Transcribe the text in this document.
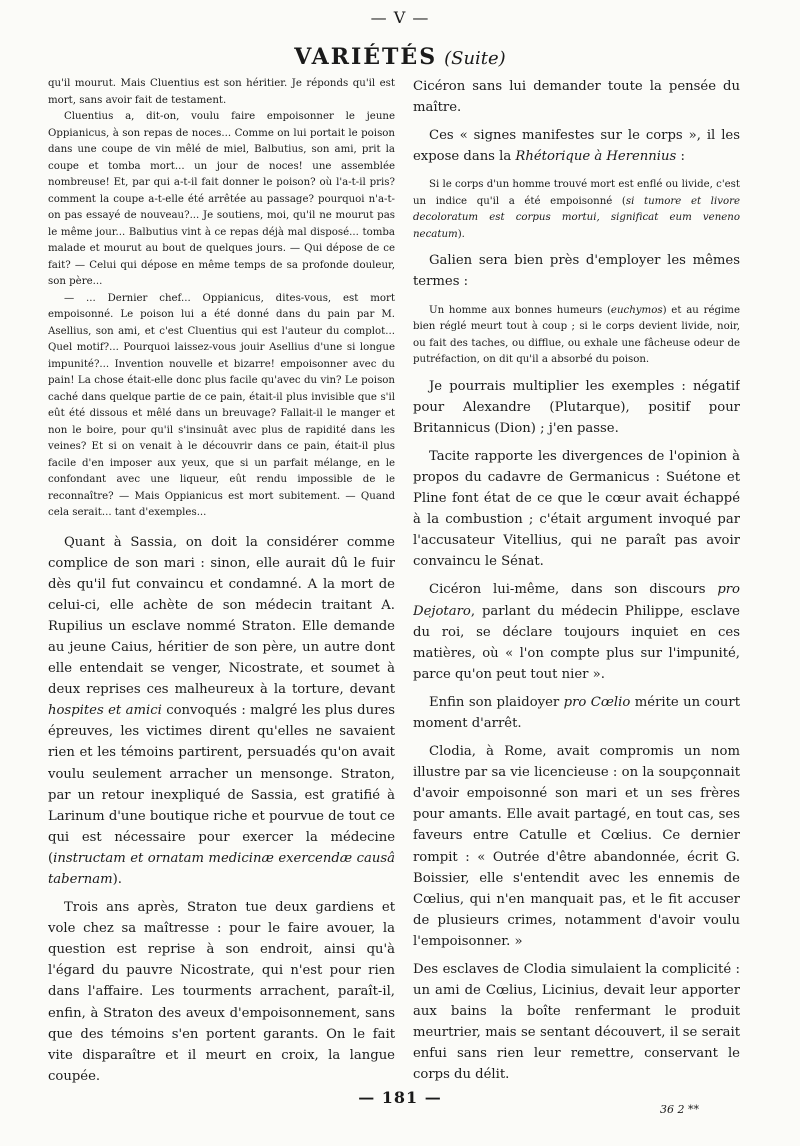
— V —
VARIÉTÉS (Suite)

qu'il mourut. Mais Cluentius est son héritier. Je réponds qu'il est mort, sans avoir fait de testament.

Cluentius a, dit-on, voulu faire empoisonner le jeune Oppianicus, à son repas de noces... Comme on lui portait le poison dans une coupe de vin mêlé de miel, Balbutius, son ami, prit la coupe et tomba mort... un jour de noces! une assemblée nombreuse! Et, par qui a-t-il fait donner le poison? où l'a-t-il pris? comment la coupe a-t-elle été arrêtée au passage? pourquoi n'a-t-on pas essayé de nouveau?... Je soutiens, moi, qu'il ne mourut pas le même jour... Balbutius vint à ce repas déjà mal disposé... tomba malade et mourut au bout de quelques jours. — Qui dépose de ce fait? — Celui qui dépose en même temps de sa profonde douleur, son père...

— ... Dernier chef... Oppianicus, dites-vous, est mort empoisonné. Le poison lui a été donné dans du pain par M. Asellius, son ami, et c'est Cluentius qui est l'auteur du complot... Quel motif?... Pourquoi laissez-vous jouir Asellius d'une si longue impunité?... Invention nouvelle et bizarre! empoisonner avec du pain! La chose était-elle donc plus facile qu'avec du vin? Le poison caché dans quelque partie de ce pain, était-il plus invisible que s'il eût été dissous et mêlé dans un breuvage? Fallait-il le manger et non le boire, pour qu'il s'insinuât avec plus de rapidité dans les veines? Et si on venait à le découvrir dans ce pain, était-il plus facile d'en imposer aux yeux, que si un parfait mélange, en le confondant avec une liqueur, eût rendu impossible de le reconnaître? — Mais Oppianicus est mort subitement. — Quand cela serait... tant d'exemples...

Quant à Sassia, on doit la considérer comme complice de son mari : sinon, elle aurait dû le fuir dès qu'il fut convaincu et condamné. A la mort de celui-ci, elle achète de son médecin traitant A. Rupilius un esclave nommé Straton. Elle demande au jeune Caius, héritier de son père, un autre dont elle entendait se venger, Nicostrate, et soumet à deux reprises ces malheureux à la torture, devant hospites et amici convoqués : malgré les plus dures épreuves, les victimes dirent qu'elles ne savaient rien et les témoins partirent, persuadés qu'on avait voulu seulement arracher un mensonge. Straton, par un retour inexpliqué de Sassia, est gratifié à Larinum d'une boutique riche et pourvue de tout ce qui est nécessaire pour exercer la médecine (instructam et ornatam medicinæ exercendæ causâ tabernam).

Trois ans après, Straton tue deux gardiens et vole chez sa maîtresse : pour le faire avouer, la question est reprise à son endroit, ainsi qu'à l'égard du pauvre Nicostrate, qui n'est pour rien dans l'affaire. Les tourments arrachent, paraît-il, enfin, à Straton des aveux d'empoisonnement, sans que des témoins s'en portent garants. On le fait vite disparaître et il meurt en croix, la langue coupée.

Cicéron sans lui demander toute la pensée du maître.

Ces « signes manifestes sur le corps », il les expose dans la Rhétorique à Herennius :

Si le corps d'un homme trouvé mort est enflé ou livide, c'est un indice qu'il a été empoisonné (si tumore et livore decoloratum est corpus mortui, significat eum veneno necatum).

Galien sera bien près d'employer les mêmes termes :

Un homme aux bonnes humeurs (euchymos) et au régime bien réglé meurt tout à coup ; si le corps devient livide, noir, ou fait des taches, ou difflue, ou exhale une fâcheuse odeur de putréfaction, on dit qu'il a absorbé du poison.

Je pourrais multiplier les exemples : négatif pour Alexandre (Plutarque), positif pour Britannicus (Dion) ; j'en passe.

Tacite rapporte les divergences de l'opinion à propos du cadavre de Germanicus : Suétone et Pline font état de ce que le cœur avait échappé à la combustion ; c'était argument invoqué par l'accusateur Vitellius, qui ne paraît pas avoir convaincu le Sénat.

Cicéron lui-même, dans son discours pro Dejotaro, parlant du médecin Philippe, esclave du roi, se déclare toujours inquiet en ces matières, où « l'on compte plus sur l'impunité, parce qu'on peut tout nier ».

Enfin son plaidoyer pro Cœlio mérite un court moment d'arrêt.

Clodia, à Rome, avait compromis un nom illustre par sa vie licencieuse : on la soupçonnait d'avoir empoisonné son mari et un ses frères pour amants. Elle avait partagé, en tout cas, ses faveurs entre Catulle et Cœlius. Ce dernier rompit : « Outrée d'être abandonnée, écrit G. Boissier, elle s'entendit avec les ennemis de Cœlius, qui n'en manquait pas, et le fit accuser de plusieurs crimes, notamment d'avoir voulu l'empoisonner. »

Des esclaves de Clodia simulaient la complicité : un ami de Cœlius, Licinius, devait leur apporter aux bains la boîte renfermant le produit meurtrier, mais se sentant découvert, il se serait enfui sans rien leur remettre, conservant le corps du délit.

— 181 —
36 2 **
